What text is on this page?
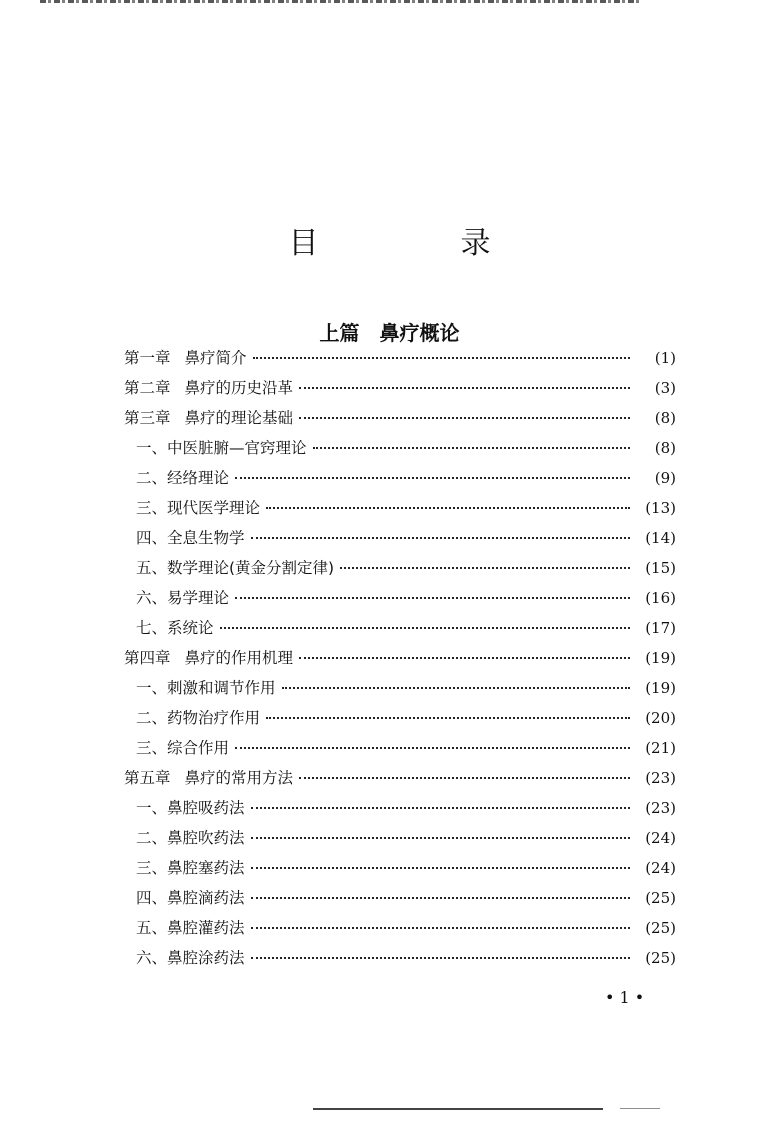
目　录
上篇　鼻疗概论
第一章 鼻疗简介	(1)
第二章 鼻疗的历史沿革	(3)
第三章 鼻疗的理论基础	(8)
一、中医脏腑—官窍理论	(8)
二、经络理论	(9)
三、现代医学理论	(13)
四、全息生物学	(14)
五、数学理论(黄金分割定律)	(15)
六、易学理论	(16)
七、系统论	(17)
第四章 鼻疗的作用机理	(19)
一、刺激和调节作用	(19)
二、药物治疗作用	(20)
三、综合作用	(21)
第五章 鼻疗的常用方法	(23)
一、鼻腔吸药法	(23)
二、鼻腔吹药法	(24)
三、鼻腔塞药法	(24)
四、鼻腔滴药法	(25)
五、鼻腔灌药法	(25)
六、鼻腔涂药法	(25)
• 1 •
